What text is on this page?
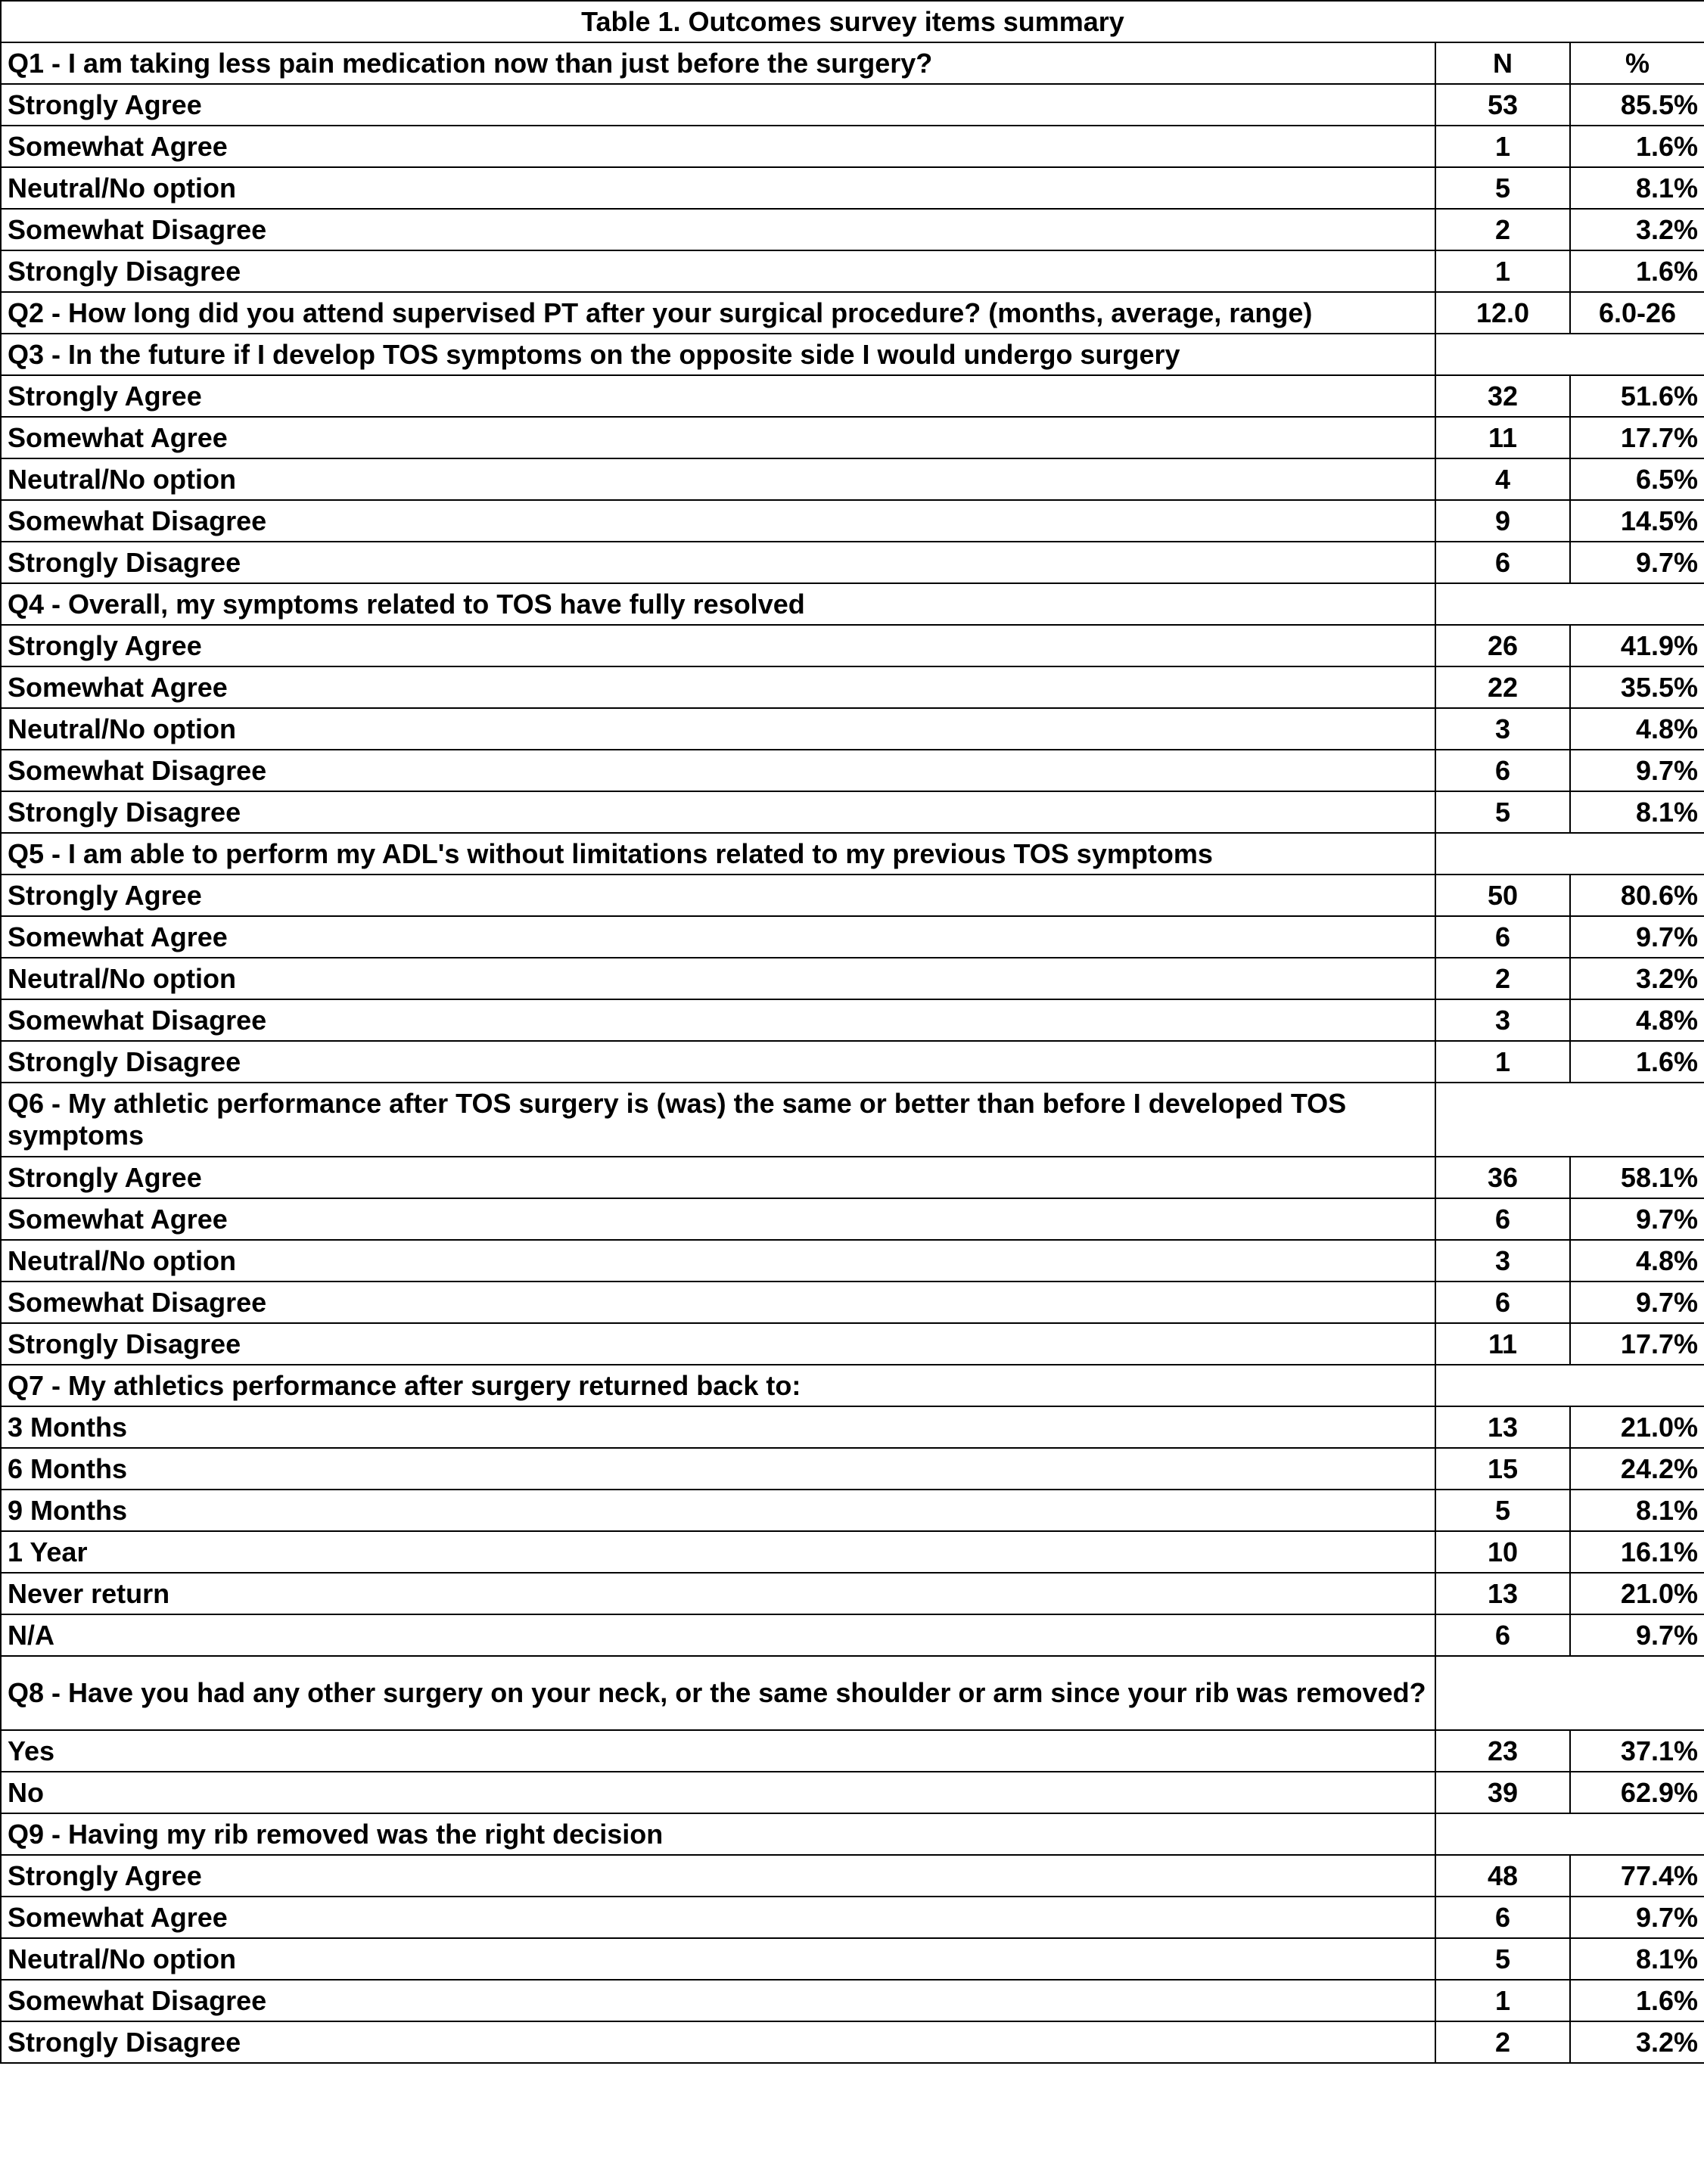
Table 1. Outcomes survey items summary		
Q1 - I am taking less pain medication now than just before the surgery?	N	%
Strongly Agree	53	85.5%
Somewhat Agree	1	1.6%
Neutral/No option	5	8.1%
Somewhat Disagree	2	3.2%
Strongly Disagree	1	1.6%
Q2 - How long did you attend supervised PT after your surgical procedure? (months, average, range)	12.0	6.0-26
Q3 - In the future if I develop TOS symptoms on the opposite side I would undergo surgery		
Strongly Agree	32	51.6%
Somewhat Agree	11	17.7%
Neutral/No option	4	6.5%
Somewhat Disagree	9	14.5%
Strongly Disagree	6	9.7%
Q4 - Overall, my symptoms related to TOS have fully resolved		
Strongly Agree	26	41.9%
Somewhat Agree	22	35.5%
Neutral/No option	3	4.8%
Somewhat Disagree	6	9.7%
Strongly Disagree	5	8.1%
Q5 - I am able to perform my ADL's without limitations related to my previous TOS symptoms		
Strongly Agree	50	80.6%
Somewhat Agree	6	9.7%
Neutral/No option	2	3.2%
Somewhat Disagree	3	4.8%
Strongly Disagree	1	1.6%
Q6 - My athletic performance after TOS surgery is (was) the same or better than before I developed TOS symptoms		
Strongly Agree	36	58.1%
Somewhat Agree	6	9.7%
Neutral/No option	3	4.8%
Somewhat Disagree	6	9.7%
Strongly Disagree	11	17.7%
Q7 - My athletics performance after surgery returned back to:		
3 Months	13	21.0%
6 Months	15	24.2%
9 Months	5	8.1%
1 Year	10	16.1%
Never return	13	21.0%
N/A	6	9.7%
Q8 - Have you had any other surgery on your neck, or the same shoulder or arm since your rib was removed?		
Yes	23	37.1%
No	39	62.9%
Q9 - Having my rib removed was the right decision		
Strongly Agree	48	77.4%
Somewhat Agree	6	9.7%
Neutral/No option	5	8.1%
Somewhat Disagree	1	1.6%
Strongly Disagree	2	3.2%
